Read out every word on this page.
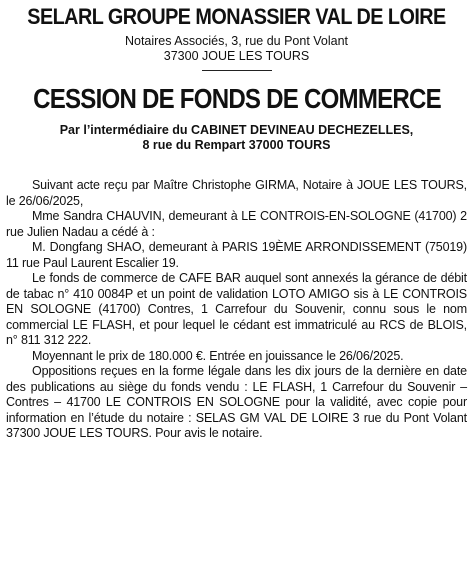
SELARL GROUPE MONASSIER VAL DE LOIRE
Notaires Associés, 3, rue du Pont Volant
37300 JOUE LES TOURS
CESSION DE FONDS DE COMMERCE
Par l’intermédiaire du CABINET DEVINEAU DECHEZELLES,
8 rue du Rempart 37000 TOURS

Suivant acte reçu par Maître Christophe GIRMA, Notaire à JOUE LES TOURS, le 26/06/2025,

Mme Sandra CHAUVIN, demeurant à LE CONTROIS-EN-SOLOGNE (41700) 2 rue Julien Nadau a cédé à :

M. Dongfang SHAO, demeurant à PARIS 19ÈME ARRONDISSEMENT (75019) 11 rue Paul Laurent Escalier 19.

Le fonds de commerce de CAFE BAR auquel sont annexés la gérance de débit de tabac n° 410 0084P et un point de validation LOTO AMIGO sis à LE CONTROIS EN SOLOGNE (41700) Contres, 1 Carrefour du Souvenir, connu sous le nom commercial LE FLASH, et pour lequel le cédant est immatriculé au RCS de BLOIS, n° 811 312 222.

Moyennant le prix de 180.000 €. Entrée en jouissance le 26/06/2025.

Oppositions reçues en la forme légale dans les dix jours de la dernière en date des publications au siège du fonds vendu : LE FLASH, 1 Carrefour du Souvenir – Contres – 41700 LE CONTROIS EN SOLOGNE pour la validité, avec copie pour information en l’étude du notaire : SELAS GM VAL DE LOIRE 3 rue du Pont Volant 37300 JOUE LES TOURS. Pour avis le notaire.
